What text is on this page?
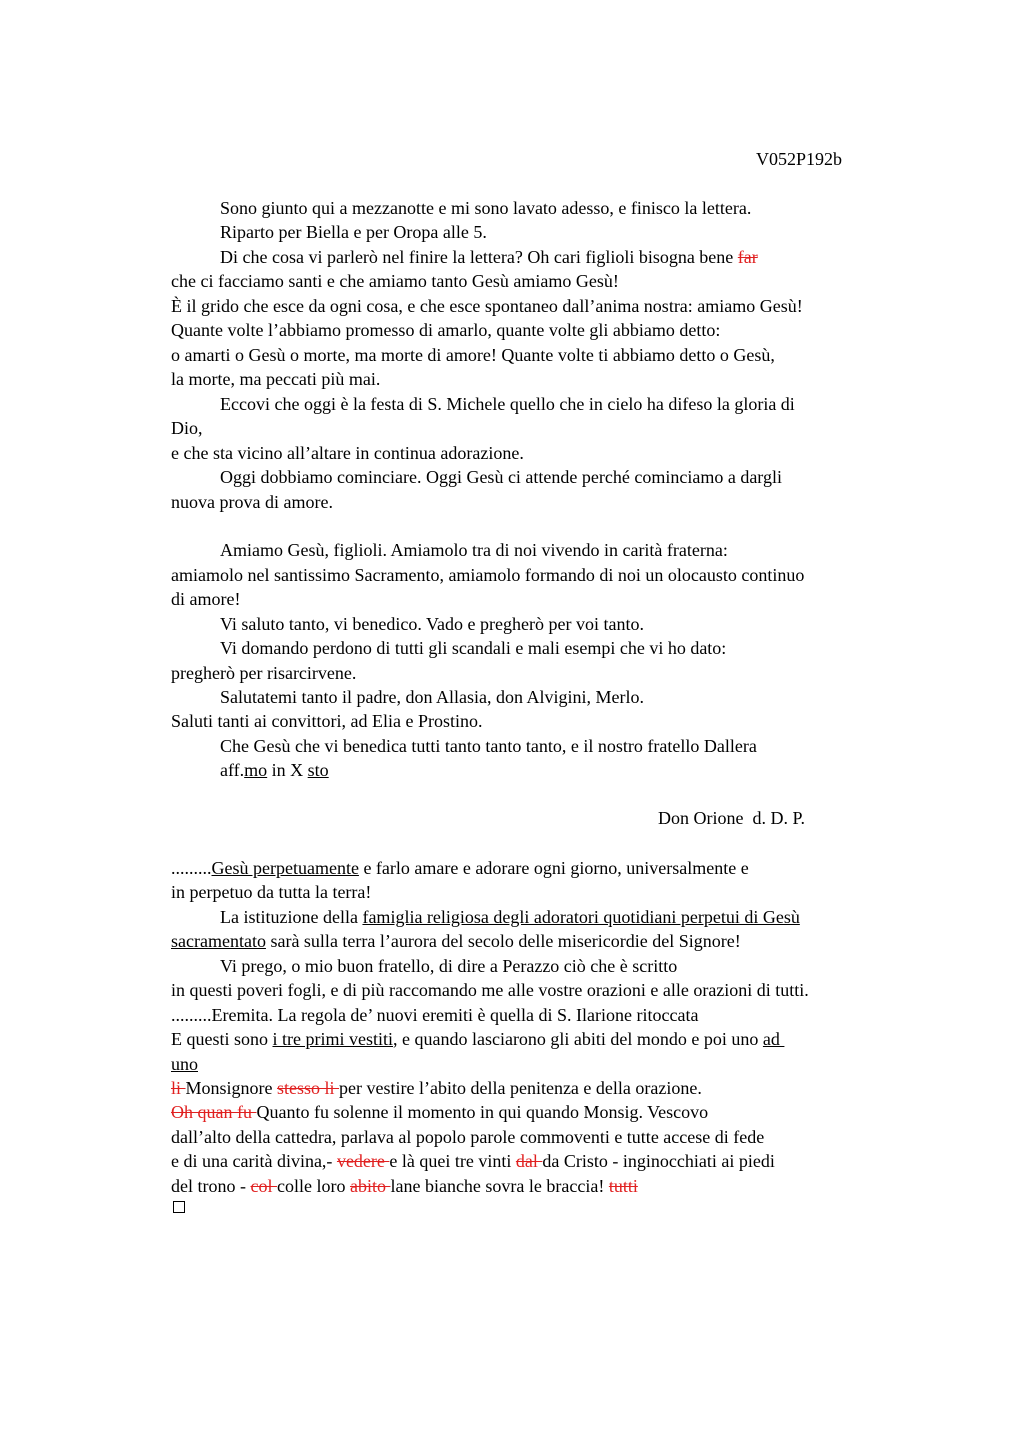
V052P192b
Sono giunto qui a mezzanotte e mi sono lavato adesso, e finisco la lettera.
Riparto per Biella e per Oropa alle 5.
Di che cosa vi parlerò nel finire la lettera? Oh cari figlioli bisogna bene far
che ci facciamo santi e che amiamo tanto Gesù amiamo Gesù!
È il grido che esce da ogni cosa, e che esce spontaneo dall’anima nostra: amiamo Gesù!
Quante volte l’abbiamo promesso di amarlo, quante volte gli abbiamo detto:
o amarti o Gesù o morte, ma morte di amore! Quante volte ti abbiamo detto o Gesù,
la morte, ma peccati più mai.
Eccovi che oggi è la festa di S. Michele quello che in cielo ha difeso la gloria di
Dio,
e che sta vicino all’altare in continua adorazione.
Oggi dobbiamo cominciare. Oggi Gesù ci attende perché cominciamo a dargli
nuova prova di amore.
Amiamo Gesù, figlioli. Amiamolo tra di noi vivendo in carità fraterna:
amiamolo nel santissimo Sacramento, amiamolo formando di noi un olocausto continuo
di amore!
Vi saluto tanto, vi benedico. Vado e pregherò per voi tanto.
Vi domando perdono di tutti gli scandali e mali esempi che vi ho dato:
pregherò per risarcirvene.
Salutatemi tanto il padre, don Allasia, don Alvigini, Merlo.
Saluti tanti ai convittori, ad Elia e Prostino.
Che Gesù che vi benedica tutti tanto tanto tanto, e il nostro fratello Dallera
aff.mo in X sto
Don Orione  d. D. P.
.........Gesù perpetuamente e farlo amare e adorare ogni giorno, universalmente e
in perpetuo da tutta la terra!
La istituzione della famiglia religiosa degli adoratori quotidiani perpetui di Gesù
sacramentato sarà sulla terra l’aurora del secolo delle misericordie del Signore!
Vi prego, o mio buon fratello, di dire a Perazzo ciò che è scritto
in questi poveri fogli, e di più raccomando me alle vostre orazioni e alle orazioni di tutti.
.........Eremita. La regola de’ nuovi eremiti è quella di S. Ilarione ritoccata
E questi sono i tre primi vestiti, e quando lasciarono gli abiti del mondo e poi uno ad
uno
li Monsignore stesso li per vestire l’abito della penitenza e della orazione.
Oh quan fu Quanto fu solenne il momento in qui quando Monsig. Vescovo
dall’alto della cattedra, parlava al popolo parole commoventi e tutte accese di fede
e di una carità divina,- vedere e là quei tre vinti dal da Cristo - inginocchiati ai piedi
del trono - col colle loro abito lane bianche sovra le braccia! tutti
